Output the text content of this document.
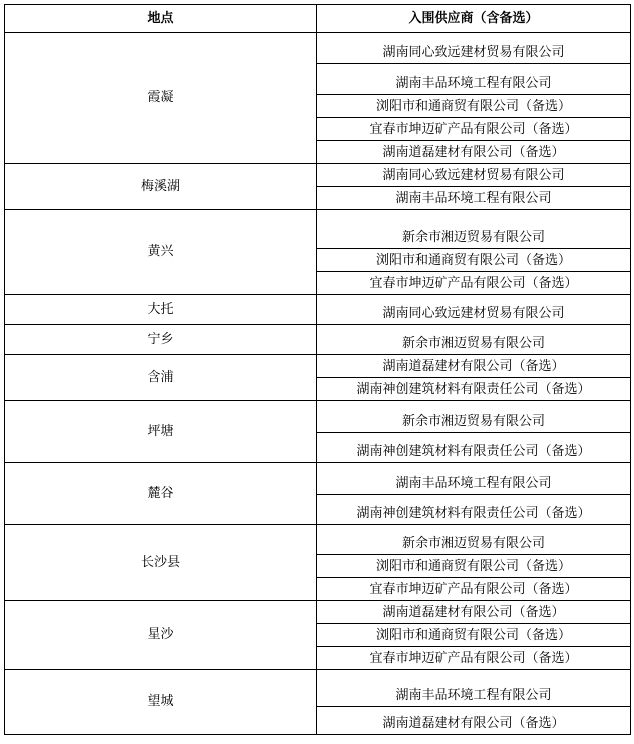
地点	入围供应商（含备选）
霞凝	湖南同心致远建材贸易有限公司
	湖南丰品环境工程有限公司
	浏阳市和通商贸有限公司（备选）
	宜春市坤迈矿产品有限公司（备选）
	湖南道磊建材有限公司（备选）
梅溪湖	湖南同心致远建材贸易有限公司
	湖南丰品环境工程有限公司
黄兴	新余市湘迈贸易有限公司
	浏阳市和通商贸有限公司（备选）
	宜春市坤迈矿产品有限公司（备选）
大托	湖南同心致远建材贸易有限公司
宁乡	新余市湘迈贸易有限公司
含浦	湖南道磊建材有限公司（备选）
	湖南神创建筑材料有限责任公司（备选）
坪塘	新余市湘迈贸易有限公司
	湖南神创建筑材料有限责任公司（备选）
麓谷	湖南丰品环境工程有限公司
	湖南神创建筑材料有限责任公司（备选）
长沙县	新余市湘迈贸易有限公司
	浏阳市和通商贸有限公司（备选）
	宜春市坤迈矿产品有限公司（备选）
星沙	湖南道磊建材有限公司（备选）
	浏阳市和通商贸有限公司（备选）
	宜春市坤迈矿产品有限公司（备选）
望城	湖南丰品环境工程有限公司
	湖南道磊建材有限公司（备选）
